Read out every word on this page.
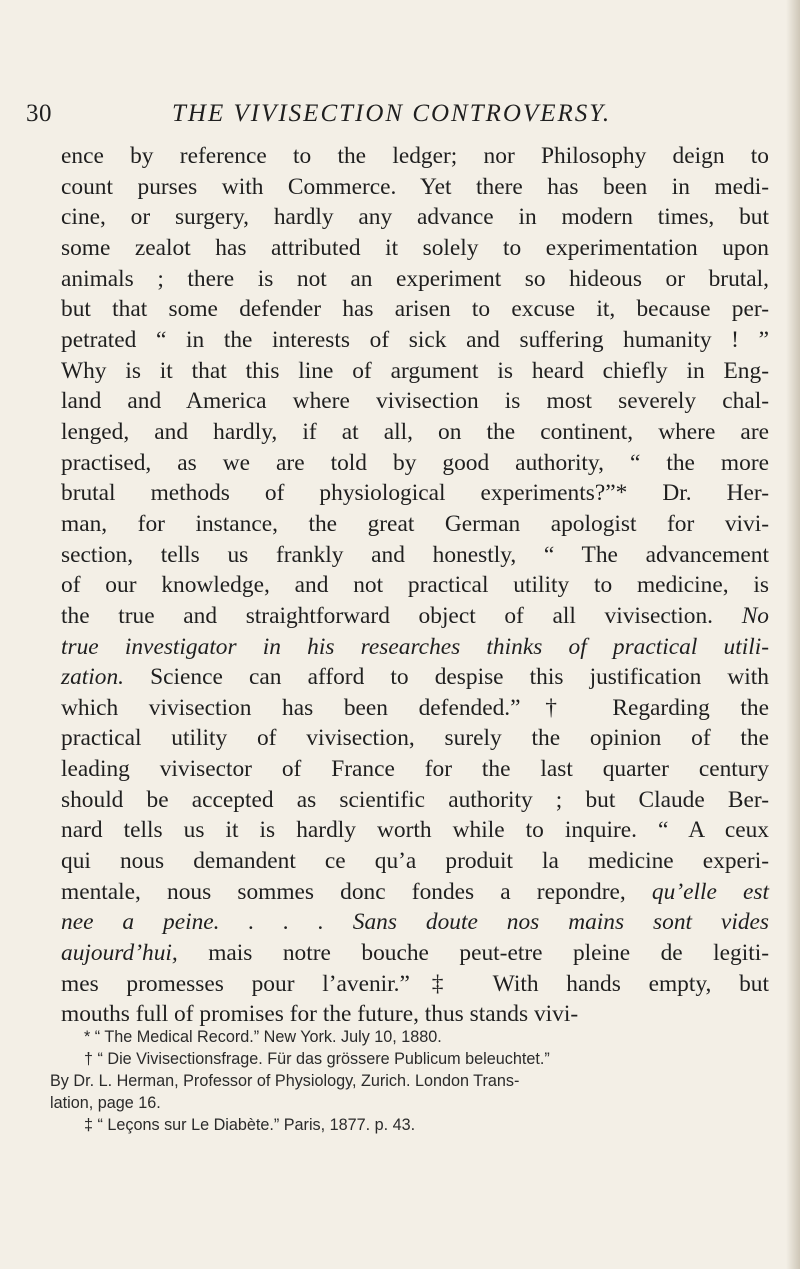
30	THE VIVISECTION CONTROVERSY.
ence by reference to the ledger; nor Philosophy deign to
count purses with Commerce. Yet there has been in medi-
cine, or surgery, hardly any advance in modern times, but
some zealot has attributed it solely to experimentation upon
animals ; there is not an experiment so hideous or brutal,
but that some defender has arisen to excuse it, because per-
petrated “ in the interests of sick and suffering humanity ! ”
Why is it that this line of argument is heard chiefly in Eng-
land and America where vivisection is most severely chal-
lenged, and hardly, if at all, on the continent, where are
practised, as we are told by good authority, “ the more
brutal methods of physiological experiments?”* Dr. Her-
man, for instance, the great German apologist for vivi-
section, tells us frankly and honestly, “ The advancement
of our knowledge, and not practical utility to medicine, is
the true and straightforward object of all vivisection. No
true investigator in his researches thinks of practical utili-
zation. Science can afford to despise this justification with
which vivisection has been defended.”† Regarding the
practical utility of vivisection, surely the opinion of the
leading vivisector of France for the last quarter century
should be accepted as scientific authority ; but Claude Ber-
nard tells us it is hardly worth while to inquire. “ A ceux
qui nous demandent ce qu’a produit la medicine experi-
mentale, nous sommes donc fondes a repondre, qu’elle est
nee a peine. . . . Sans doute nos mains sont vides
aujourd’hui, mais notre bouche peut-etre pleine de legiti-
mes promesses pour l’avenir.”‡ With hands empty, but
mouths full of promises for the future, thus stands vivi-
* “ The Medical Record.” New York. July 10, 1880.
† “ Die Vivisectionsfrage. Für das grössere Publicum beleuchtet.”
By Dr. L. Herman, Professor of Physiology, Zurich. London Trans-
lation, page 16.
‡ “ Leçons sur Le Diabète.” Paris, 1877. p. 43.
